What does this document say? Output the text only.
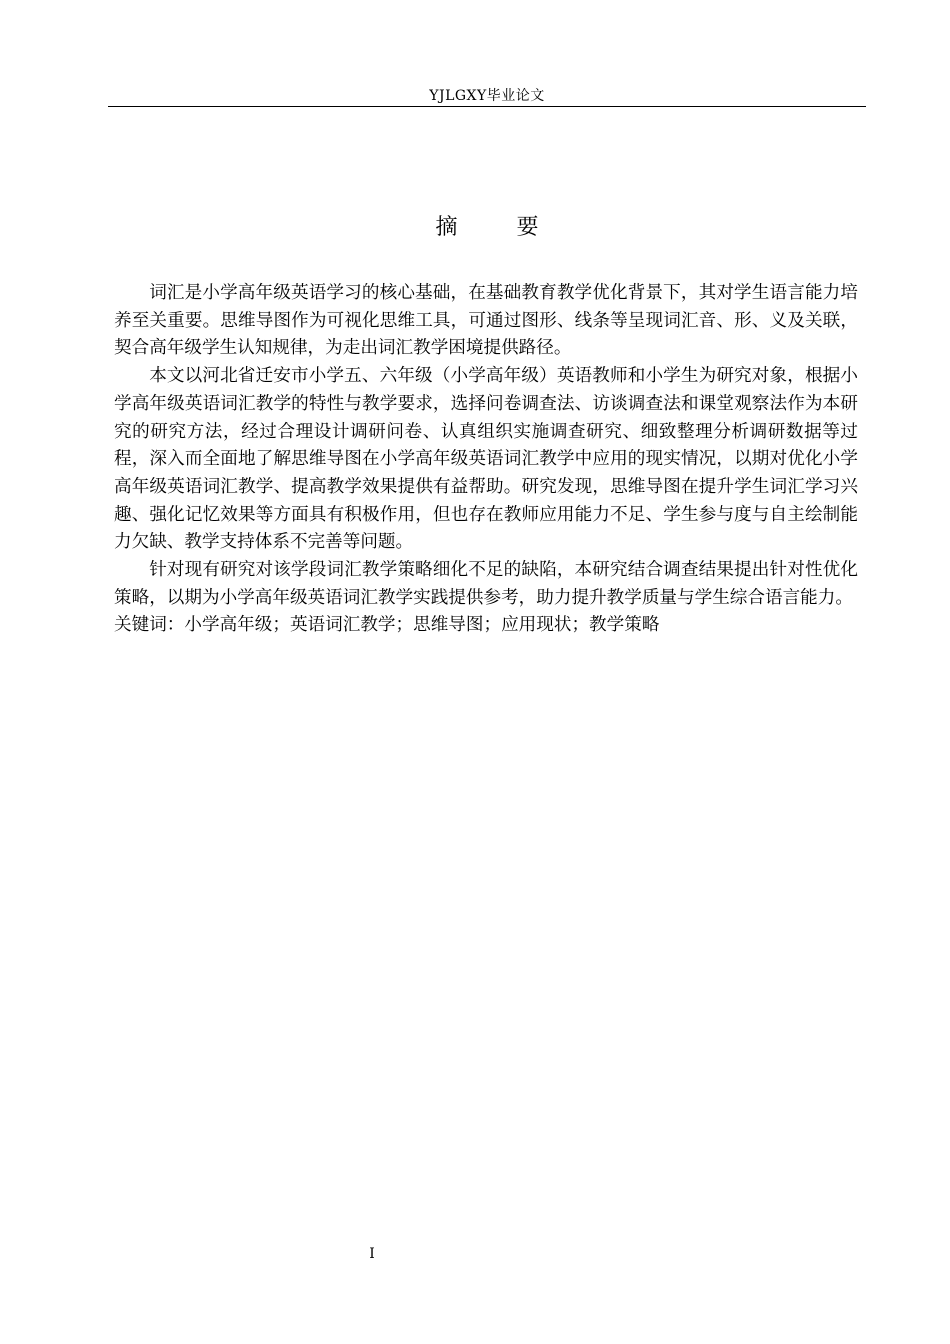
YJLGXY毕业论文
摘 要

词汇是小学高年级英语学习的核心基础，在基础教育教学优化背景下，其对学生语言能力培养至关重要。思维导图作为可视化思维工具，可通过图形、线条等呈现词汇音、形、义及关联，契合高年级学生认知规律，为走出词汇教学困境提供路径。

本文以河北省迁安市小学五、六年级（小学高年级）英语教师和小学生为研究对象，根据小学高年级英语词汇教学的特性与教学要求，选择问卷调查法、访谈调查法和课堂观察法作为本研究的研究方法，经过合理设计调研问卷、认真组织实施调查研究、细致整理分析调研数据等过程，深入而全面地了解思维导图在小学高年级英语词汇教学中应用的现实情况，以期对优化小学高年级英语词汇教学、提高教学效果提供有益帮助。研究发现，思维导图在提升学生词汇学习兴趣、强化记忆效果等方面具有积极作用，但也存在教师应用能力不足、学生参与度与自主绘制能力欠缺、教学支持体系不完善等问题。

针对现有研究对该学段词汇教学策略细化不足的缺陷，本研究结合调查结果提出针对性优化策略，以期为小学高年级英语词汇教学实践提供参考，助力提升教学质量与学生综合语言能力。

关键词：小学高年级；英语词汇教学；思维导图；应用现状；教学策略

I
